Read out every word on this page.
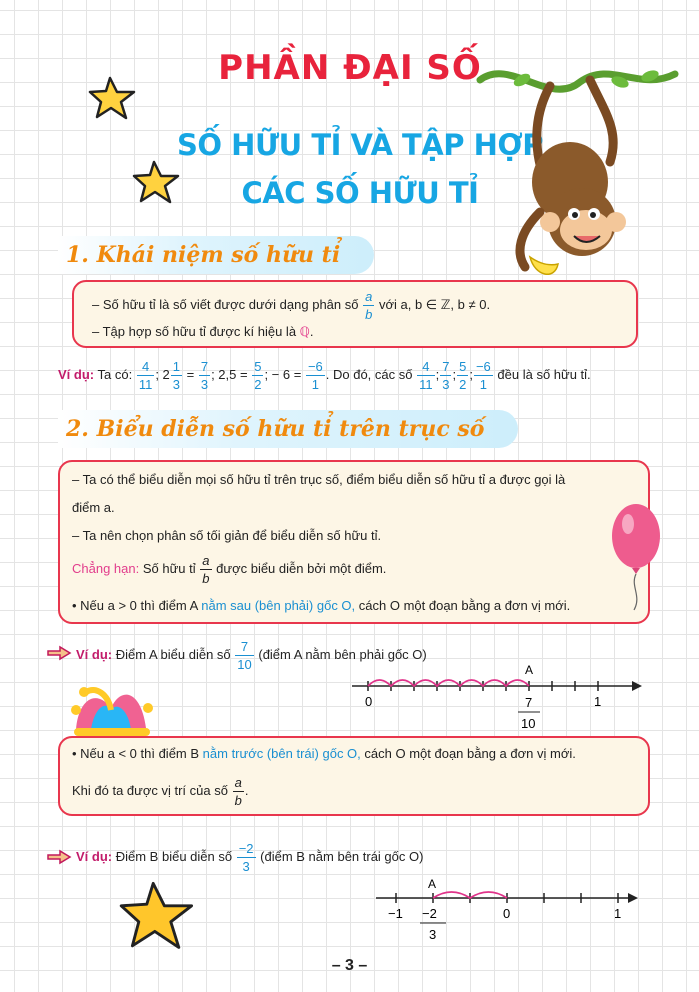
PHẦN ĐẠI SỐ
SỐ HỮU TỈ VÀ TẬP HỢP
CÁC SỐ HỮU TỈ
1. Khái niệm số hữu tỉ
– Số hữu tỉ là số viết được dưới dạng phân số $\frac{a}{b}$ với a, b ∈ ℤ, b ≠ 0.
– Tập hợp số hữu tỉ được kí hiệu là ℚ.
Ví dụ: Ta có: $\frac{4}{11}$ ; $2 \frac{1}{3} = \frac{7}{3}$ ; $2,5 = \frac{5}{2}$ ; − $6 = \frac{-6}{1}$ . Do đó, các số $\frac{4}{11}$ ; $\frac{7}{3}$ ; $\frac{5}{2}$ ; $\frac{-6}{1}$ đều là số hữu tỉ.
2. Biểu diễn số hữu tỉ trên trục số
– Ta có thể biểu diễn mọi số hữu tỉ trên trục số, điểm biểu diễn số hữu tỉ a được gọi là
điểm a.
– Ta nên chọn phân số tối giản để biểu diễn số hữu tỉ.
Chẳng hạn: Số hữu tỉ $\frac{a}{b}$ được biểu diễn bởi một điểm.
• Nếu a > 0 thì điểm A nằm sau (bên phải) gốc O, cách O một đoạn bằng a đơn vị mới.
Ví dụ: Điểm A biểu diễn số $\frac{7}{10}$ (điểm A nằm bên phải gốc O)
0
A
7
10
1
• Nếu a < 0 thì điểm B nằm trước (bên trái) gốc O, cách O một đoạn bằng a đơn vị mới.
Khi đó ta được vị trí của số $\frac{a}{b}$ .
Ví dụ: Điểm B biểu diễn số $\frac{-2}{3}$ (điểm B nằm bên trái gốc O)
A
−1 −2
3
0	1
– 3 –
